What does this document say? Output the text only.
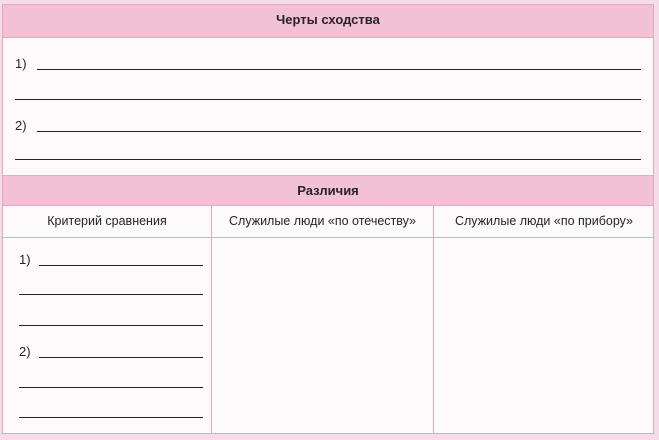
Черты сходства
1)
2)
Различия
Критерий сравнения	Служилые люди «по отечеству»	Служилые люди «по прибору»
1)
2)
